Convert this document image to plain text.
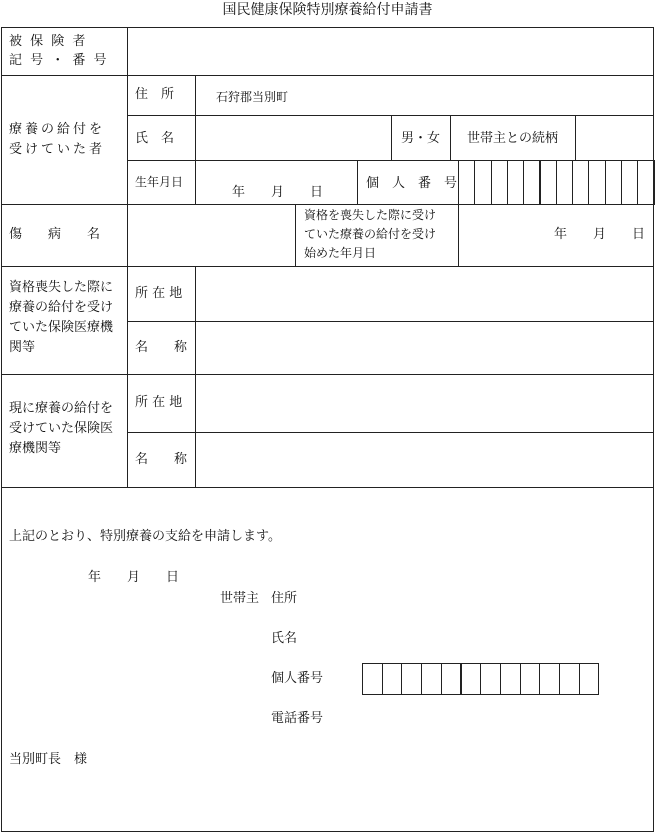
国民健康保険特別療養給付申請書
被 保 険 者
記 号 ・ 番 号
療養の給付を
受けていた者
住　所	石狩郡当別町
氏　名	男・女 世帯主との続柄
生年月日
年　　月　　日
個　人　番　号
傷　　病　　名
資格を喪失した際に受け
ていた療養の給付を受け
始めた年月日
年　　月　　日
資格喪失した際に
療養の給付を受け
ていた保険医療機
関等
所 在 地
名　　称
現に療養の給付を
受けていた保険医
療機関等
所 在 地
名　　称
上記のとおり、特別療養の支給を申請します。
年　　月　　日
世帯主 住所
氏名
個人番号
電話番号
当別町長　様
